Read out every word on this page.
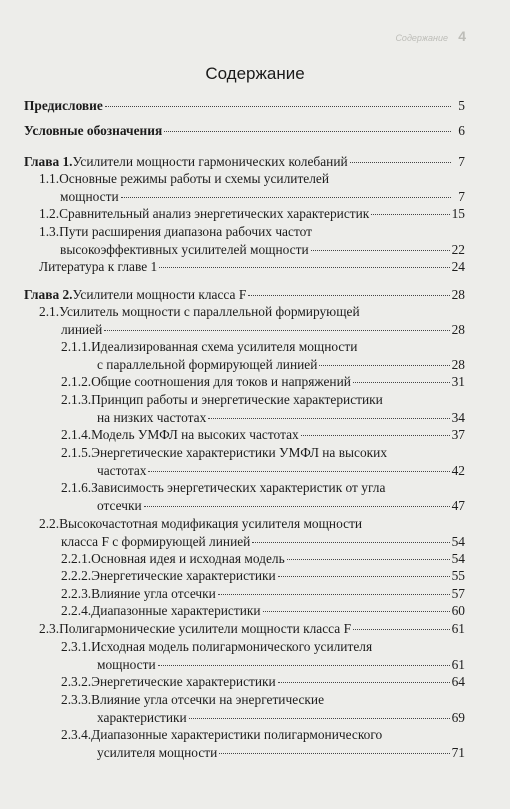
Содержание 4
Содержание
Предисловие	5
Условные обозначения	6
Глава 1. Усилители мощности гармонических колебаний	7
1.1. Основные режимы работы и схемы усилителей
мощности	7
1.2. Сравнительный анализ энергетических характеристик	15
1.3. Пути расширения диапазона рабочих частот
высокоэффективных усилителей мощности	22
Литература к главе 1	24
Глава 2. Усилители мощности класса F	28
2.1. Усилитель мощности с параллельной формирующей
линией	28
2.1.1. Идеализированная схема усилителя мощности
с параллельной формирующей линией	28
2.1.2. Общие соотношения для токов и напряжений	31
2.1.3. Принцип работы и энергетические характеристики
на низких частотах	34
2.1.4. Модель УМФЛ на высоких частотах	37
2.1.5. Энергетические характеристики УМФЛ на высоких
частотах	42
2.1.6. Зависимость энергетических характеристик от угла
отсечки	47
2.2. Высокочастотная модификация усилителя мощности
класса F с формирующей линией	54
2.2.1. Основная идея и исходная модель	54
2.2.2. Энергетические характеристики	55
2.2.3. Влияние угла отсечки	57
2.2.4. Диапазонные характеристики	60
2.3. Полигармонические усилители мощности класса F	61
2.3.1. Исходная модель полигармонического усилителя
мощности	61
2.3.2. Энергетические характеристики	64
2.3.3. Влияние угла отсечки на энергетические
характеристики	69
2.3.4. Диапазонные характеристики полигармонического
усилителя мощности	71
